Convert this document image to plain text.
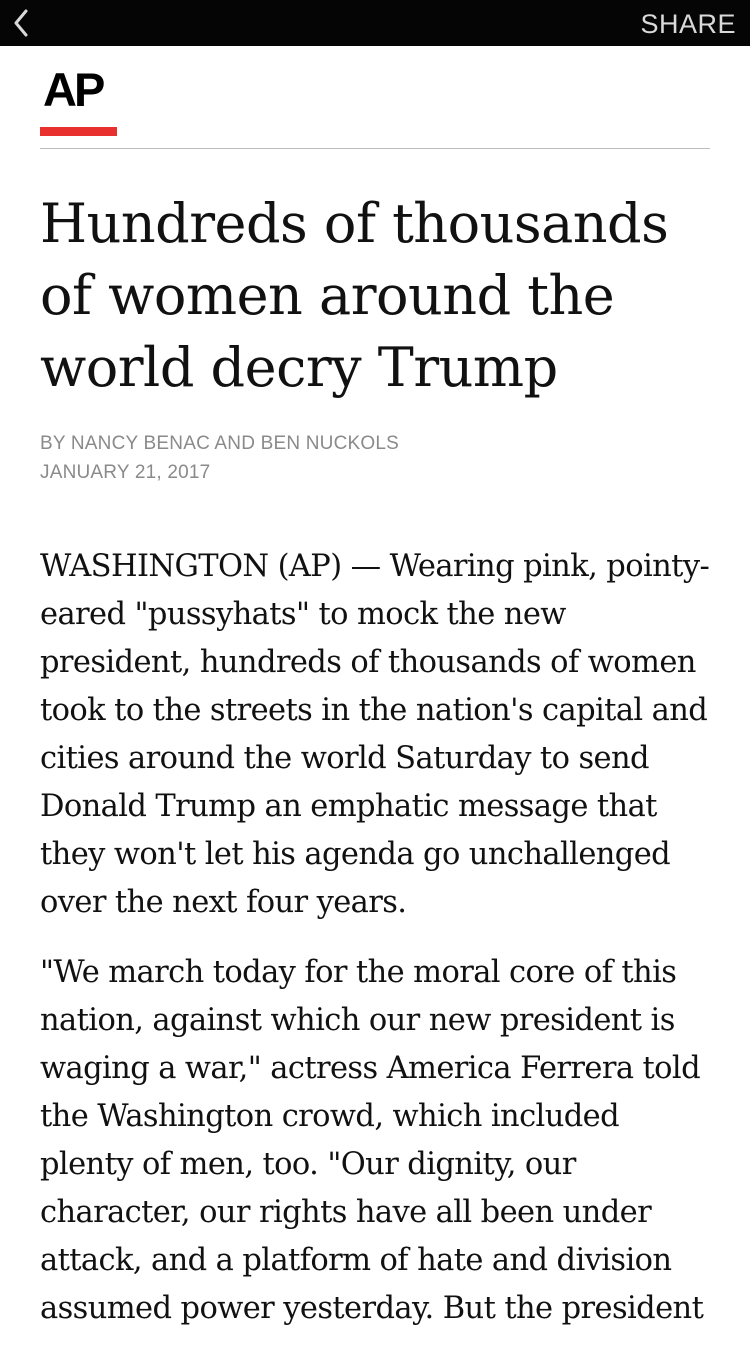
SHARE
AP
Hundreds of thousands of women around the world decry Trump
BY NANCY BENAC AND BEN NUCKOLS
JANUARY 21, 2017

WASHINGTON (AP) — Wearing pink, pointy-eared "pussyhats" to mock the new president, hundreds of thousands of women took to the streets in the nation's capital and cities around the world Saturday to send Donald Trump an emphatic message that they won't let his agenda go unchallenged over the next four years.

"We march today for the moral core of this nation, against which our new president is waging a war," actress America Ferrera told the Washington crowd, which included plenty of men, too. "Our dignity, our character, our rights have all been under attack, and a platform of hate and division assumed power yesterday. But the president
